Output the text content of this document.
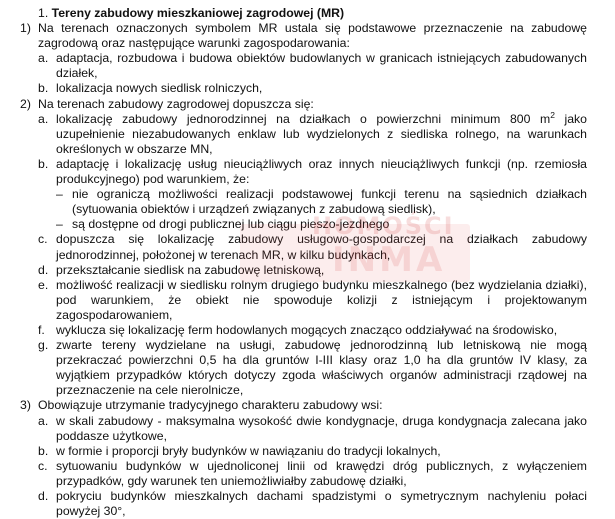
1. Tereny zabudowy mieszkaniowej zagrodowej (MR)
1) Na terenach oznaczonych symbolem MR ustala się podstawowe przeznaczenie na zabudowę zagrodową oraz następujące warunki zagospodarowania:
a. adaptacja, rozbudowa i budowa obiektów budowlanych w granicach istniejących zabudowanych działek,
b. lokalizacja nowych siedlisk rolniczych,
2) Na terenach zabudowy zagrodowej dopuszcza się:
a. lokalizację zabudowy jednorodzinnej na działkach o powierzchni minimum 800 $m^2$ jako uzupełnienie niezabudowanych enklaw lub wydzielonych z siedliska rolnego, na warunkach określonych w obszarze MN,
b. adaptację i lokalizację usług nieuciążliwych oraz innych nieuciążliwych funkcji (np. rzemiosła produkcyjnego) pod warunkiem, że:
– nie ograniczą możliwości realizacji podstawowej funkcji terenu na sąsiednich działkach (sytuowania obiektów i urządzeń związanych z zabudową siedlisk),
– są dostępne od drogi publicznej lub ciągu pieszo-jezdnego
c. dopuszcza się lokalizację zabudowy usługowo-gospodarczej na działkach zabudowy jednorodzinnej, położonej w terenach MR, w kilku budynkach,
d. przekształcanie siedlisk na zabudowę letniskową,
e. możliwość realizacji w siedlisku rolnym drugiego budynku mieszkalnego (bez wydzielania działki), pod warunkiem, że obiekt nie spowoduje kolizji z istniejącym i projektowanym zagospodarowaniem,
f. wyklucza się lokalizację ferm hodowlanych mogących znacząco oddziaływać na środowisko,
g. zwarte tereny wydzielane na usługi, zabudowę jednorodzinną lub letniskową nie mogą przekraczać powierzchni 0,5 ha dla gruntów I-III klasy oraz 1,0 ha dla gruntów IV klasy, za wyjątkiem przypadków których dotyczy zgoda właściwych organów administracji rządowej na przeznaczenie na cele nierolnicze,
3) Obowiązuje utrzymanie tradycyjnego charakteru zabudowy wsi:
a. w skali zabudowy - maksymalna wysokość dwie kondygnacje, druga kondygnacja zalecana jako poddasze użytkowe,
b. w formie i proporcji bryły budynków w nawiązaniu do tradycji lokalnych,
c. sytuowaniu budynków w ujednoliconej linii od krawędzi dróg publicznych, z wyłączeniem przypadków, gdy warunek ten uniemożliwiałby zabudowę działki,
d. pokryciu budynków mieszkalnych dachami spadzistymi o symetrycznym nachyleniu połaci powyżej 30°,
HOMOŚCI
INMA
